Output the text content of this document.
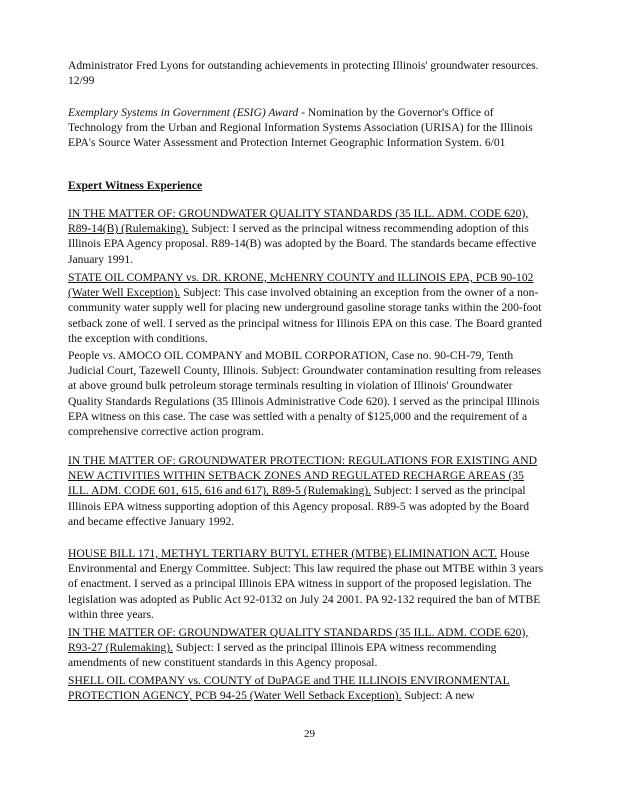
Administrator Fred Lyons for outstanding achievements in protecting Illinois' groundwater resources. 12/99

Exemplary Systems in Government (ESIG) Award - Nomination by the Governor's Office of Technology from the Urban and Regional Information Systems Association (URISA) for the Illinois EPA's Source Water Assessment and Protection Internet Geographic Information System. 6/01

Expert Witness Experience

IN THE MATTER OF: GROUNDWATER QUALITY STANDARDS (35 ILL. ADM. CODE 620), R89-14(B) (Rulemaking). Subject: I served as the principal witness recommending adoption of this Illinois EPA Agency proposal. R89-14(B) was adopted by the Board. The standards became effective January 1991.

STATE OIL COMPANY vs. DR. KRONE, McHENRY COUNTY and ILLINOIS EPA, PCB 90-102 (Water Well Exception). Subject: This case involved obtaining an exception from the owner of a non-community water supply well for placing new underground gasoline storage tanks within the 200-foot setback zone of well. I served as the principal witness for Illinois EPA on this case. The Board granted the exception with conditions.

People vs. AMOCO OIL COMPANY and MOBIL CORPORATION, Case no. 90-CH-79, Tenth Judicial Court, Tazewell County, Illinois. Subject: Groundwater contamination resulting from releases at above ground bulk petroleum storage terminals resulting in violation of Illinois' Groundwater Quality Standards Regulations (35 Illinois Administrative Code 620). I served as the principal Illinois EPA witness on this case. The case was settled with a penalty of $125,000 and the requirement of a comprehensive corrective action program.

IN THE MATTER OF: GROUNDWATER PROTECTION: REGULATIONS FOR EXISTING AND NEW ACTIVITIES WITHIN SETBACK ZONES AND REGULATED RECHARGE AREAS (35 ILL. ADM. CODE 601, 615, 616 and 617), R89-5 (Rulemaking). Subject: I served as the principal Illinois EPA witness supporting adoption of this Agency proposal. R89-5 was adopted by the Board and became effective January 1992.

HOUSE BILL 171, METHYL TERTIARY BUTYL ETHER (MTBE) ELIMINATION ACT. House Environmental and Energy Committee. Subject: This law required the phase out MTBE within 3 years of enactment. I served as a principal Illinois EPA witness in support of the proposed legislation. The legislation was adopted as Public Act 92-0132 on July 24 2001. PA 92-132 required the ban of MTBE within three years.

IN THE MATTER OF: GROUNDWATER QUALITY STANDARDS (35 ILL. ADM. CODE 620), R93-27 (Rulemaking). Subject: I served as the principal Illinois EPA witness recommending amendments of new constituent standards in this Agency proposal.

SHELL OIL COMPANY vs. COUNTY of DuPAGE and THE ILLINOIS ENVIRONMENTAL PROTECTION AGENCY, PCB 94-25 (Water Well Setback Exception). Subject: A new

29
